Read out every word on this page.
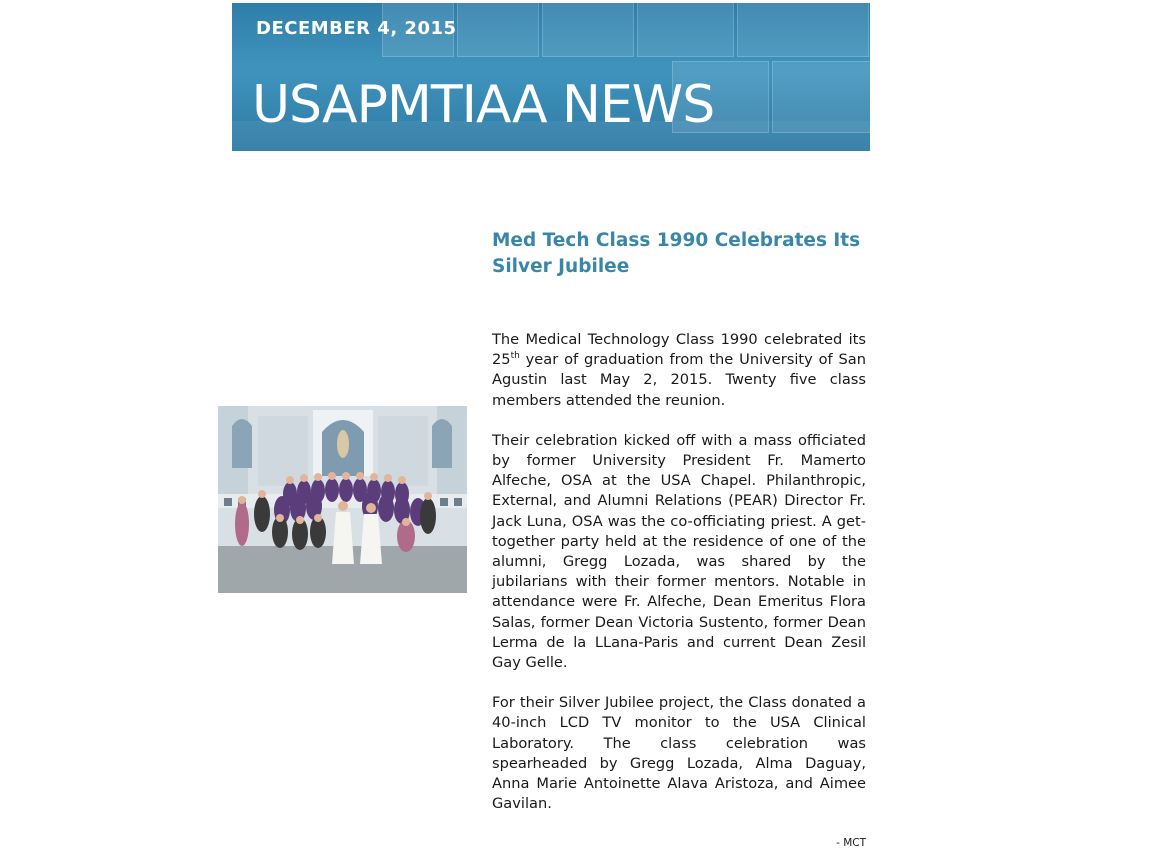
DECEMBER 4, 2015
USAPMTIAA NEWS
Med Tech Class 1990 Celebrates Its Silver Jubilee

The Medical Technology Class 1990 celebrated its 25th year of graduation from the University of San Agustin last May 2, 2015. Twenty five class members attended the reunion.

Their celebration kicked off with a mass officiated by former University President Fr. Mamerto Alfeche, OSA at the USA Chapel. Philanthropic, External, and Alumni Relations (PEAR) Director Fr. Jack Luna, OSA was the co-officiating priest. A get-together party held at the residence of one of the alumni, Gregg Lozada, was shared by the jubilarians with their former mentors. Notable in attendance were Fr. Alfeche, Dean Emeritus Flora Salas, former Dean Victoria Sustento, former Dean Lerma de la LLana-Paris and current Dean Zesil Gay Gelle.

For their Silver Jubilee project, the Class donated a 40-inch LCD TV monitor to the USA Clinical Laboratory. The class celebration was spearheaded by Gregg Lozada, Alma Daguay, Anna Marie Antoinette Alava Aristoza, and Aimee Gavilan.

- MCT
